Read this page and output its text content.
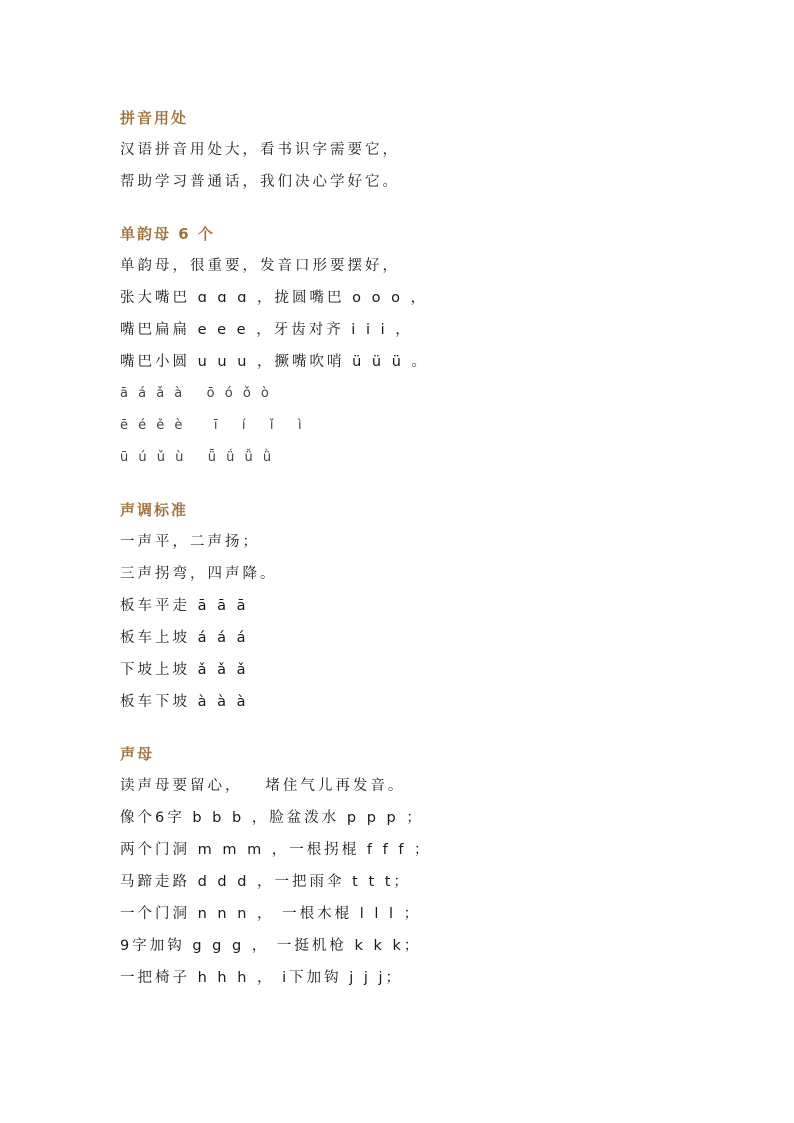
拼音用处
汉语拼音用处大，看书识字需要它，
帮助学习普通话，我们决心学好它。
单韵母 6 个
单韵母，很重要，发音口形要摆好，
张大嘴巴 ɑ ɑ ɑ ，拢圆嘴巴 o o o ，
嘴巴扁扁 e e e ，牙齿对齐 i i i ，
嘴巴小圆 u u u ，撅嘴吹哨 ü ü ü 。
ā á ǎ à   ō ó ǒ ò
ē é ě è    ī   í   ǐ   ì
ū ú ǔ ù   ǖ ǘ ǚ ǜ
声调标准
一声平，二声扬；
三声拐弯，四声降。
板车平走 ā ā ā
板车上坡 á á á
下坡上坡 ǎ ǎ ǎ
板车下坡 à à à
声母
读声母要留心，   堵住气儿再发音。
像个6字 b b b ，脸盆泼水 p p p ；
两个门洞 m m m ，一根拐棍 f f f ；
马蹄走路 d d d ，一把雨伞 t t t；
一个门洞 n n n ， 一根木棍 l l l ；
9字加钩 g g g ， 一挺机枪 k k k；
一把椅子 h h h ， i下加钩 j j j；
